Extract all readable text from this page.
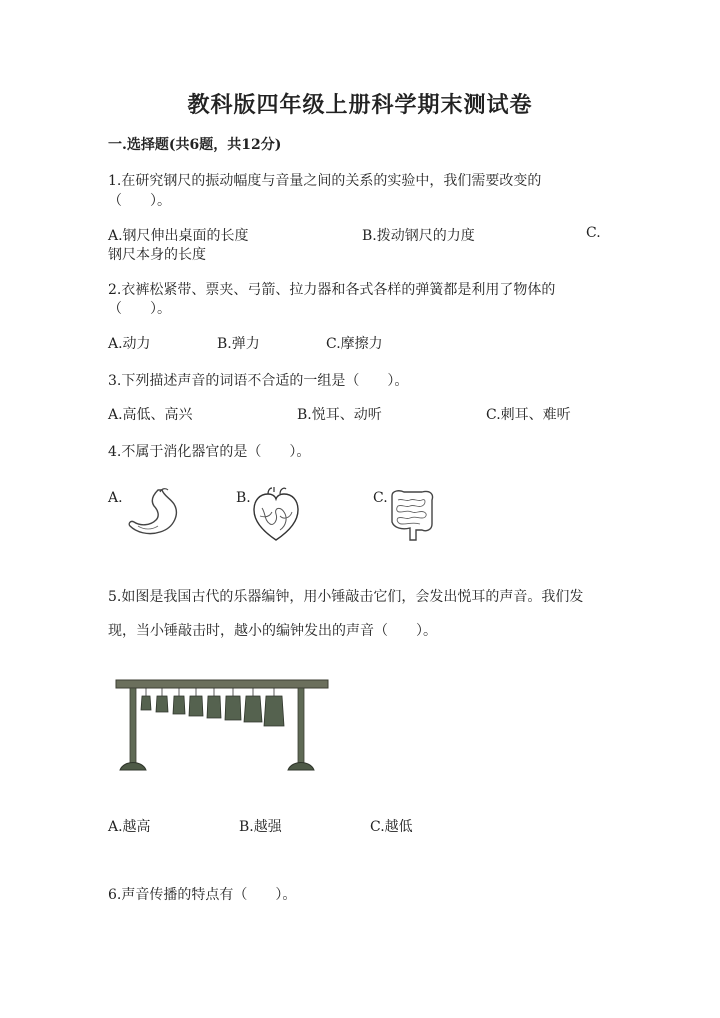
教科版四年级上册科学期末测试卷
一.选择题(共6题，共12分)
1.在研究钢尺的振动幅度与音量之间的关系的实验中，我们需要改变的
（　　）。
A.钢尺伸出桌面的长度	B.拨动钢尺的力度	C.
钢尺本身的长度
2.衣裤松紧带、票夹、弓箭、拉力器和各式各样的弹簧都是利用了物体的
（　　）。
A.动力	B.弹力	C.摩擦力
3.下列描述声音的词语不合适的一组是（　　）。
A.高低、高兴	B.悦耳、动听	C.刺耳、难听
4.不属于消化器官的是（　　）。
A.	B.	C.
5.如图是我国古代的乐器编钟，用小锤敲击它们，会发出悦耳的声音。我们发
现，当小锤敲击时，越小的编钟发出的声音（　　）。
A.越高	B.越强	C.越低
6.声音传播的特点有（　　）。
